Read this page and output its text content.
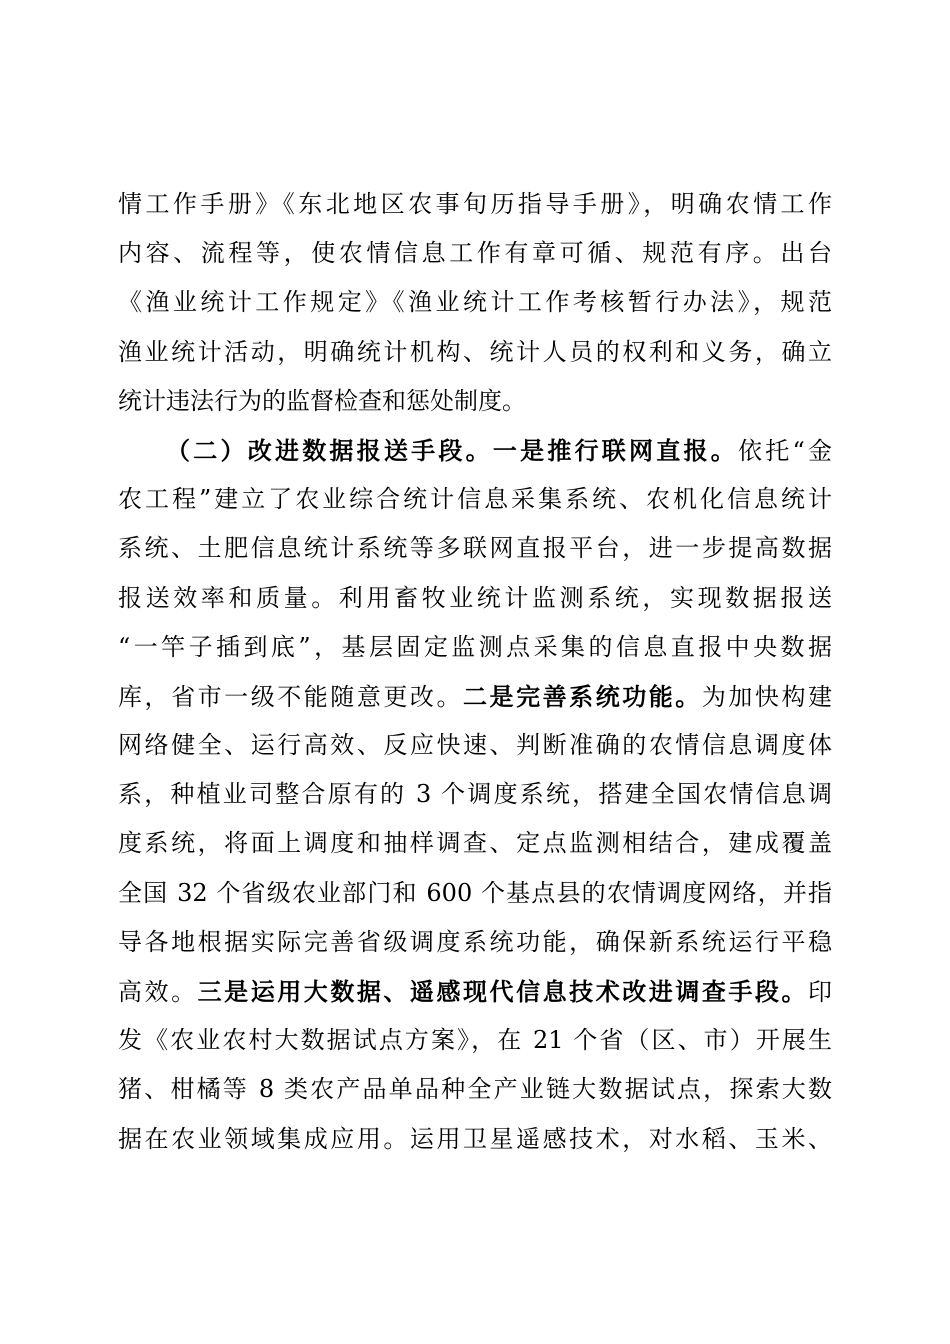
情工作手册》《东北地区农事旬历指导手册》，明确农情工作
内容、流程等，使农情信息工作有章可循、规范有序。出台
《渔业统计工作规定》《渔业统计工作考核暂行办法》，规范
渔业统计活动，明确统计机构、统计人员的权利和义务，确立
统计违法行为的监督检查和惩处制度。
（二）改进数据报送手段。一是推行联网直报。依托“金
农工程”建立了农业综合统计信息采集系统、农机化信息统计
系统、土肥信息统计系统等多联网直报平台，进一步提高数据
报送效率和质量。利用畜牧业统计监测系统，实现数据报送
“一竿子插到底”，基层固定监测点采集的信息直报中央数据
库，省市一级不能随意更改。二是完善系统功能。为加快构建
网络健全、运行高效、反应快速、判断准确的农情信息调度体
系，种植业司整合原有的 3 个调度系统，搭建全国农情信息调
度系统，将面上调度和抽样调查、定点监测相结合，建成覆盖
全国 32 个省级农业部门和 600 个基点县的农情调度网络，并指
导各地根据实际完善省级调度系统功能，确保新系统运行平稳
高效。三是运用大数据、遥感现代信息技术改进调查手段。印
发《农业农村大数据试点方案》，在 21 个省（区、市）开展生
猪、柑橘等 8 类农产品单品种全产业链大数据试点，探索大数
据在农业领域集成应用。运用卫星遥感技术，对水稻、玉米、
